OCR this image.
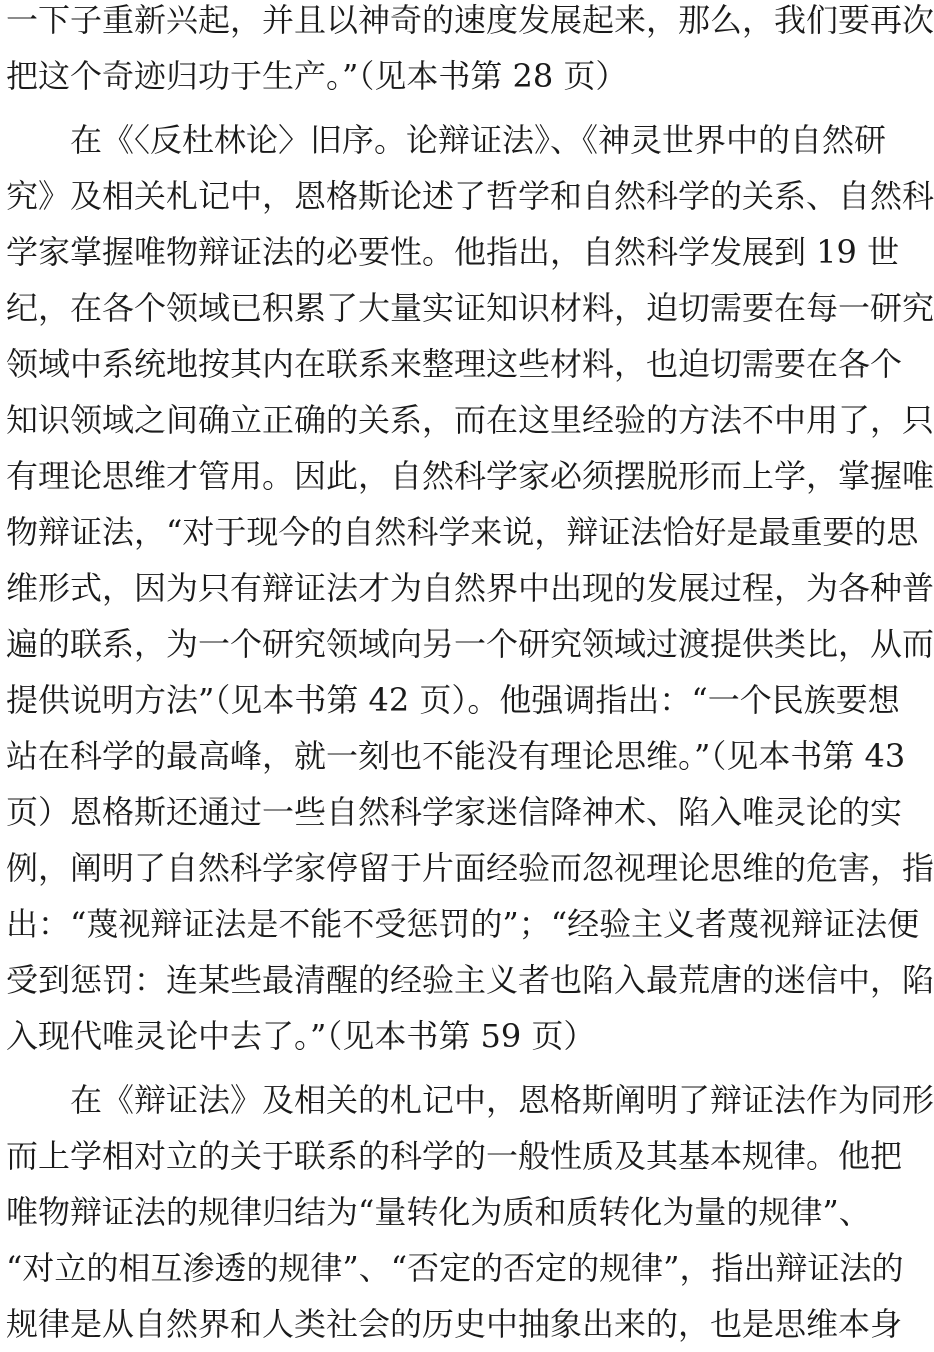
一下子重新兴起，并且以神奇的速度发展起来，那么，我们要再次
把这个奇迹归功于生产。”（见本书第 28 页）
在《〈反杜林论〉旧序。论辩证法》、《神灵世界中的自然研
究》及相关札记中，恩格斯论述了哲学和自然科学的关系、自然科
学家掌握唯物辩证法的必要性。他指出，自然科学发展到 19 世
纪，在各个领域已积累了大量实证知识材料，迫切需要在每一研究
领域中系统地按其内在联系来整理这些材料，也迫切需要在各个
知识领域之间确立正确的关系，而在这里经验的方法不中用了，只
有理论思维才管用。因此，自然科学家必须摆脱形而上学，掌握唯
物辩证法，“对于现今的自然科学来说，辩证法恰好是最重要的思
维形式，因为只有辩证法才为自然界中出现的发展过程，为各种普
遍的联系，为一个研究领域向另一个研究领域过渡提供类比，从而
提供说明方法”（见本书第 42 页）。他强调指出：“一个民族要想
站在科学的最高峰，就一刻也不能没有理论思维。”（见本书第 43
页）恩格斯还通过一些自然科学家迷信降神术、陷入唯灵论的实
例，阐明了自然科学家停留于片面经验而忽视理论思维的危害，指
出：“蔑视辩证法是不能不受惩罚的”；“经验主义者蔑视辩证法便
受到惩罚：连某些最清醒的经验主义者也陷入最荒唐的迷信中，陷
入现代唯灵论中去了。”（见本书第 59 页）
在《辩证法》及相关的札记中，恩格斯阐明了辩证法作为同形
而上学相对立的关于联系的科学的一般性质及其基本规律。他把
唯物辩证法的规律归结为“量转化为质和质转化为量的规律”、
“对立的相互渗透的规律”、“否定的否定的规律”，指出辩证法的
规律是从自然界和人类社会的历史中抽象出来的，也是思维本身
